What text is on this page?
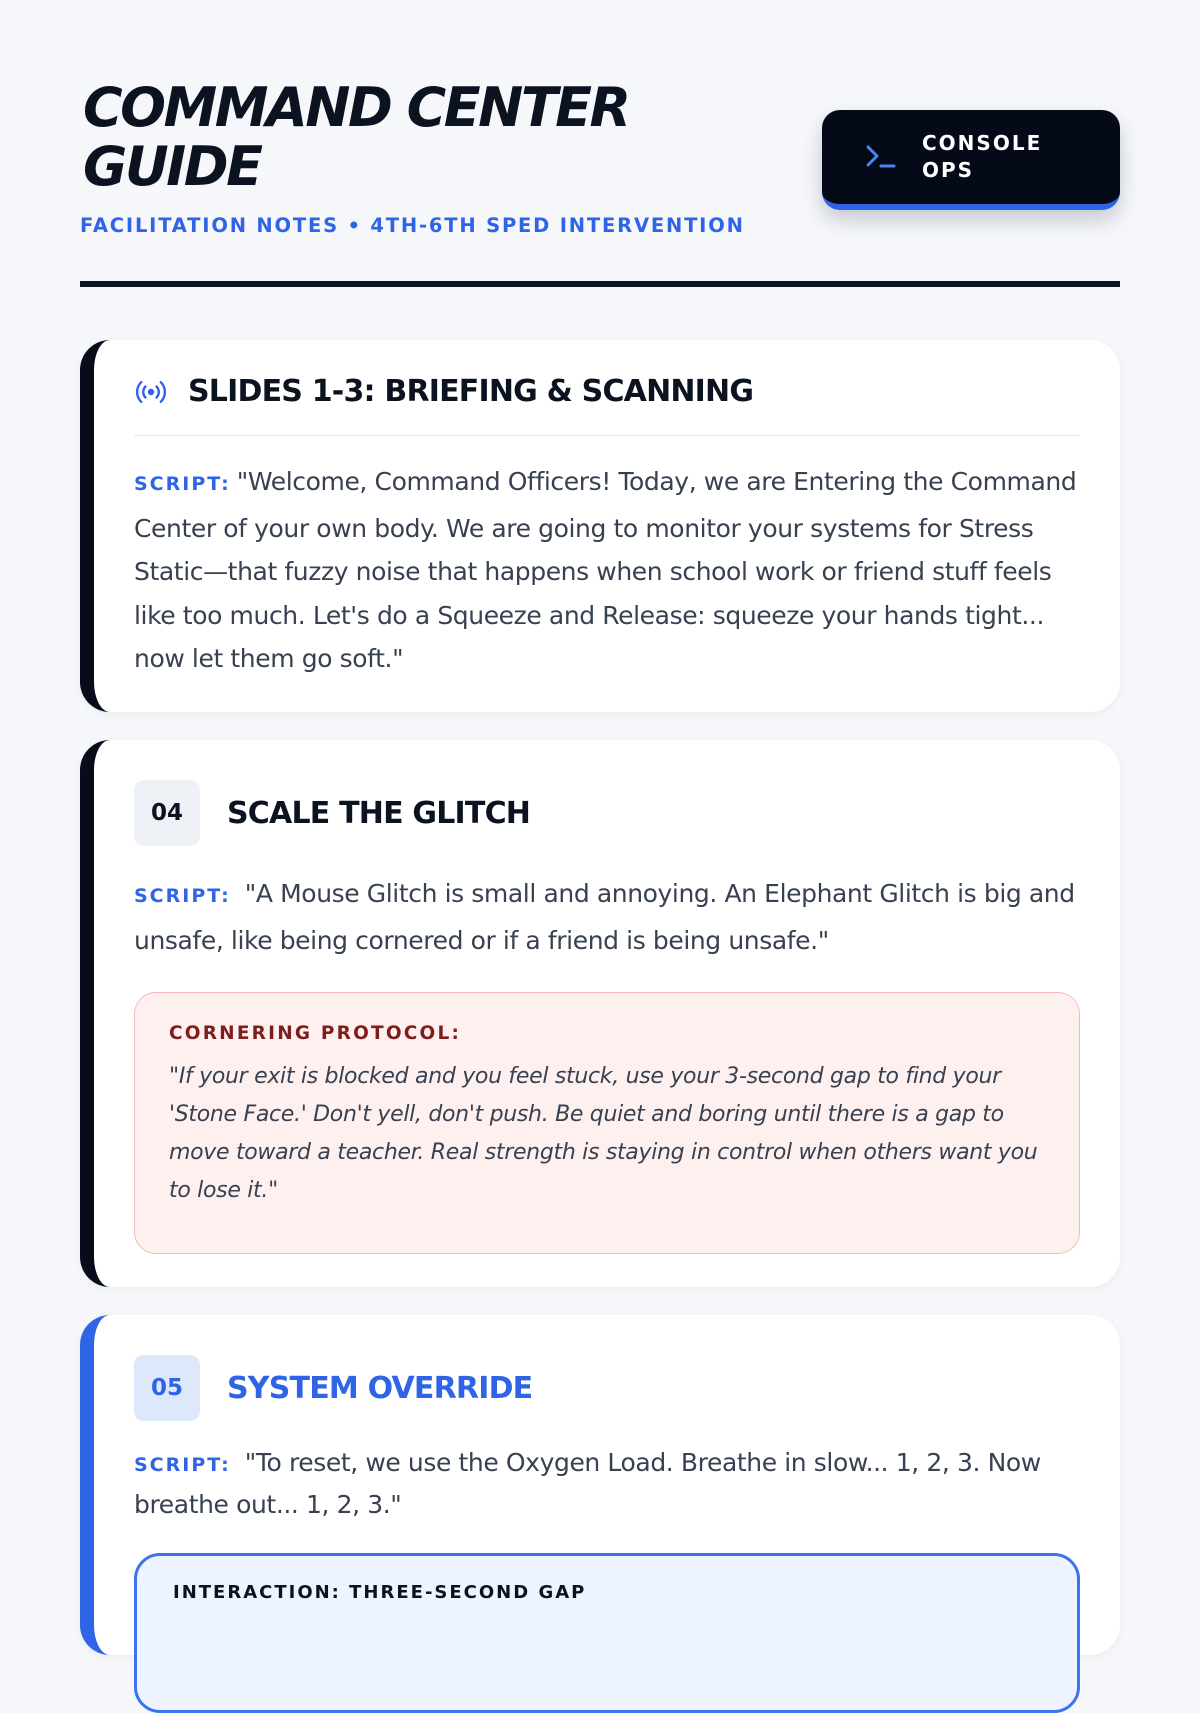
COMMAND CENTER GUIDE
FACILITATION NOTES • 4TH-6TH SPED INTERVENTION
CONSOLE OPS
SLIDES 1-3: BRIEFING & SCANNING

SCRIPT: "Welcome, Command Officers! Today, we are Entering the Command Center of your own body. We are going to monitor your systems for Stress Static—that fuzzy noise that happens when school work or friend stuff feels like too much. Let's do a Squeeze and Release: squeeze your hands tight... now let them go soft."

04	SCALE THE GLITCH

SCRIPT: "A Mouse Glitch is small and annoying. An Elephant Glitch is big and unsafe, like being cornered or if a friend is being unsafe."

CORNERING PROTOCOL:

"If your exit is blocked and you feel stuck, use your 3-second gap to find your 'Stone Face.' Don't yell, don't push. Be quiet and boring until there is a gap to move toward a teacher. Real strength is staying in control when others want you to lose it."

05	SYSTEM OVERRIDE

SCRIPT: "To reset, we use the Oxygen Load. Breathe in slow... 1, 2, 3. Now breathe out... 1, 2, 3."

INTERACTION: THREE-SECOND GAP
